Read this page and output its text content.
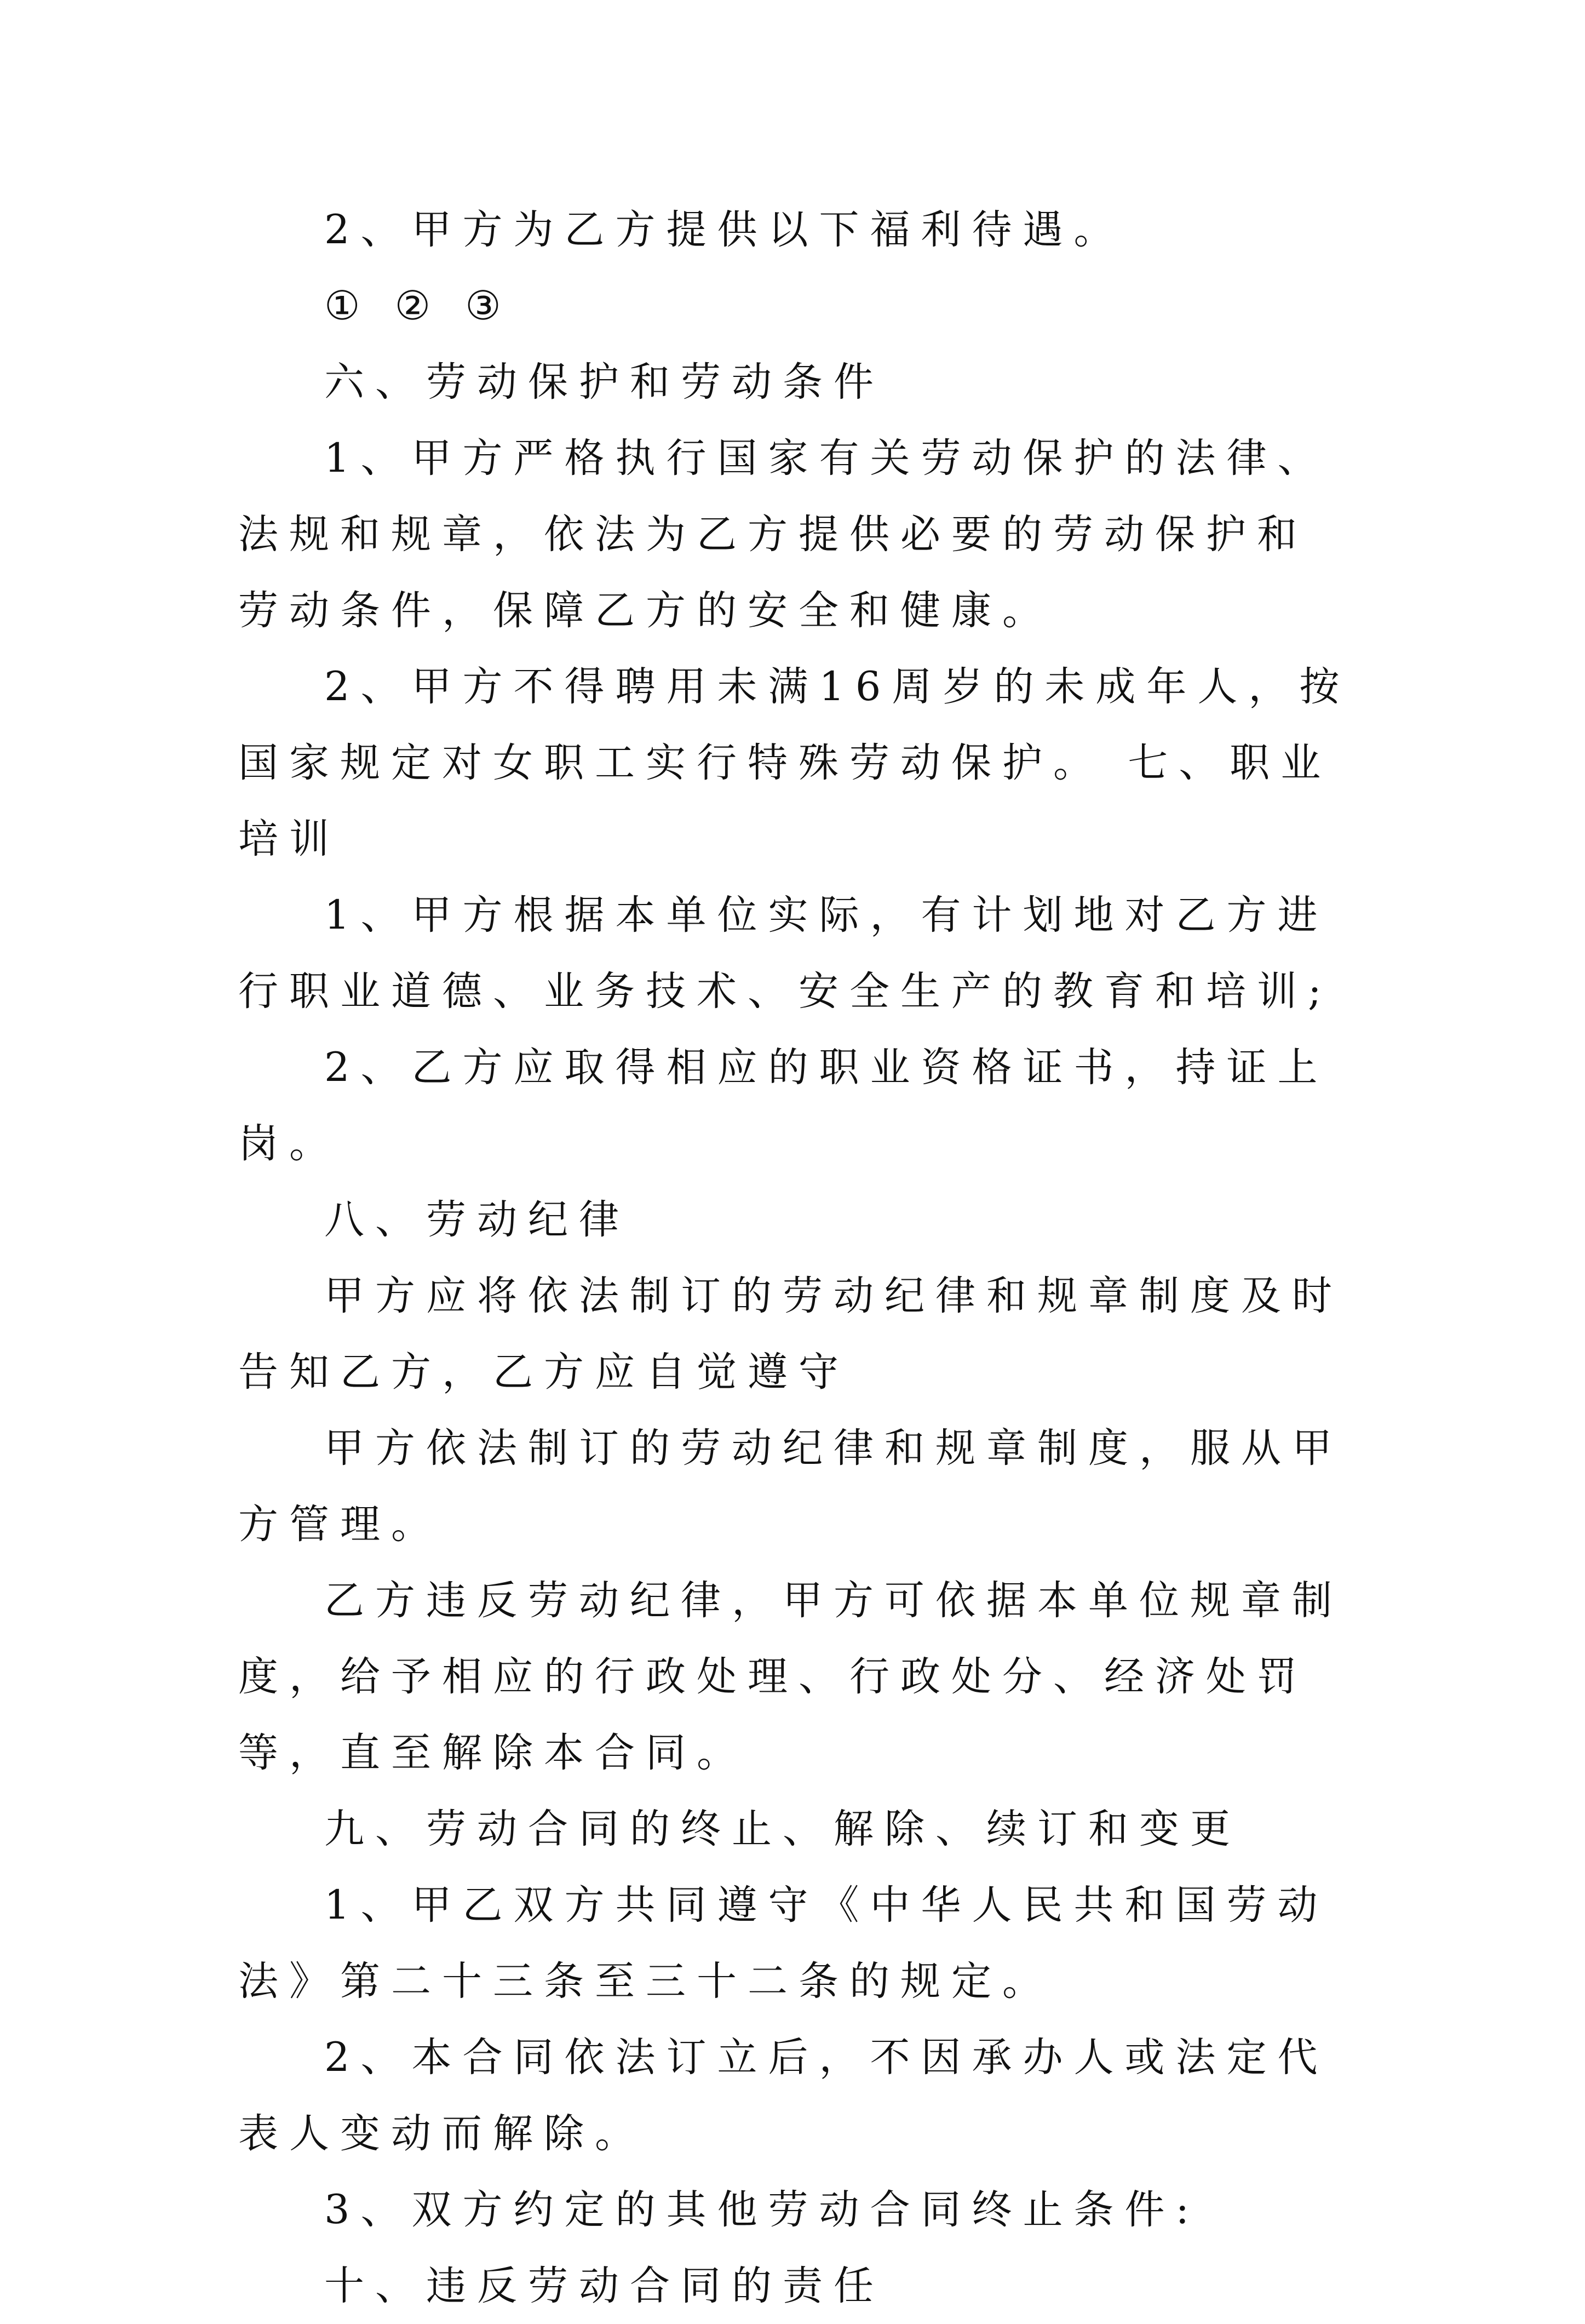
2、甲方为乙方提供以下福利待遇。

① ② ③

六、劳动保护和劳动条件

1、甲方严格执行国家有关劳动保护的法律、法规和规章，依法为乙方提供必要的劳动保护和劳动条件，保障乙方的安全和健康。

2、甲方不得聘用未满16周岁的未成年人，按国家规定对女职工实行特殊劳动保护。 七、职业培训

1、甲方根据本单位实际，有计划地对乙方进行职业道德、业务技术、安全生产的教育和培训;

2、乙方应取得相应的职业资格证书，持证上岗。

八、劳动纪律

甲方应将依法制订的劳动纪律和规章制度及时告知乙方，乙方应自觉遵守

甲方依法制订的劳动纪律和规章制度，服从甲方管理。

乙方违反劳动纪律，甲方可依据本单位规章制度，给予相应的行政处理、行政处分、经济处罚等，直至解除本合同。

九、劳动合同的终止、解除、续订和变更

1、甲乙双方共同遵守《中华人民共和国劳动法》第二十三条至三十二条的规定。

2、本合同依法订立后，不因承办人或法定代表人变动而解除。

3、双方约定的其他劳动合同终止条件:

十、违反劳动合同的责任
